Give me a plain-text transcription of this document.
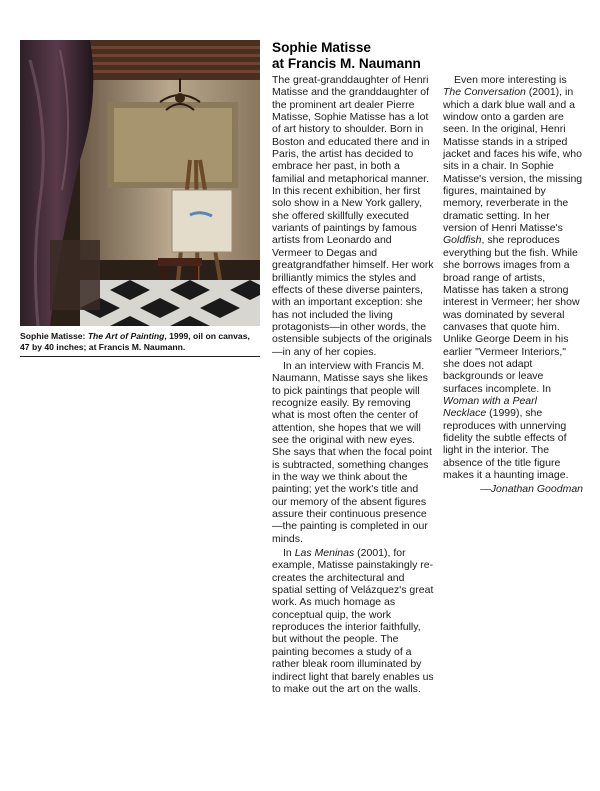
Sophie Matisse: The Art of Painting, 1999, oil on canvas, 47 by 40 inches; at Francis M. Naumann.
Sophie Matisse
at Francis M. Naumann

The great-granddaughter of Henri Matisse and the granddaughter of the prominent art dealer Pierre Matisse, Sophie Matisse has a lot of art history to shoulder. Born in Boston and educated there and in Paris, the artist has decided to embrace her past, in both a familial and metaphorical manner. In this recent exhibition, her first solo show in a New York gallery, she offered skillfully executed variants of paintings by famous artists from Leonardo and Vermeer to Degas and greatgrandfather himself. Her work brilliantly mimics the styles and effects of these diverse painters, with an important exception: she has not included the living protagonists—in other words, the ostensible subjects of the originals—in any of her copies.

In an interview with Francis M. Naumann, Matisse says she likes to pick paintings that people will recognize easily. By removing what is most often the center of attention, she hopes that we will see the original with new eyes. She says that when the focal point is subtracted, something changes in the way we think about the painting; yet the work's title and our memory of the absent figures assure their continuous presence—the painting is completed in our minds.

In Las Meninas (2001), for example, Matisse painstakingly re-creates the architectural and spatial setting of Velázquez's great work. As much homage as conceptual quip, the work reproduces the interior faithfully, but without the people. The painting becomes a study of a rather bleak room illuminated by indirect light that barely enables us to make out the art on the walls.

Even more interesting is The Conversation (2001), in which a dark blue wall and a window onto a garden are seen. In the original, Henri Matisse stands in a striped jacket and faces his wife, who sits in a chair. In Sophie Matisse's version, the missing figures, maintained by memory, reverberate in the dramatic setting. In her version of Henri Matisse's Goldfish, she reproduces everything but the fish. While she borrows images from a broad range of artists, Matisse has taken a strong interest in Vermeer; her show was dominated by several canvases that quote him. Unlike George Deem in his earlier "Vermeer Interiors," she does not adapt backgrounds or leave surfaces incomplete. In Woman with a Pearl Necklace (1999), she reproduces with unnerving fidelity the subtle effects of light in the interior. The absence of the title figure makes it a haunting image.

—Jonathan Goodman
